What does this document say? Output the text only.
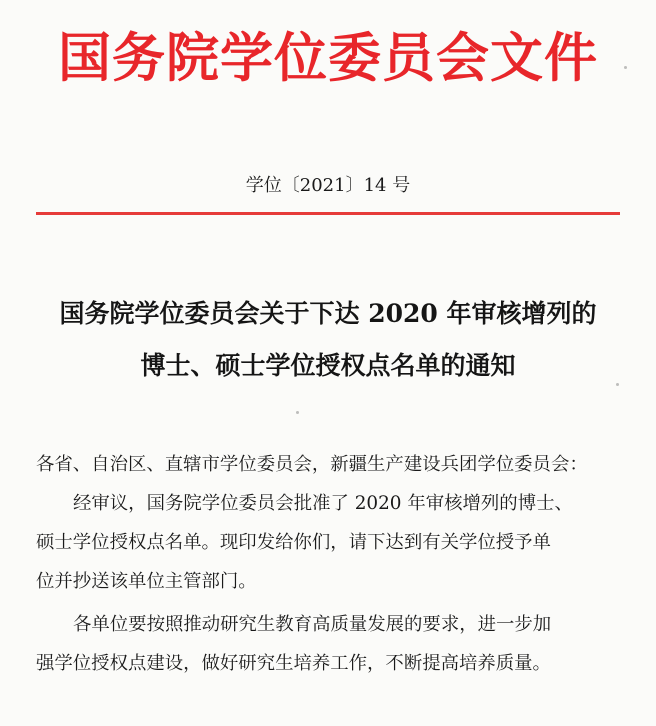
国务院学位委员会文件
学位〔2021〕14 号
国务院学位委员会关于下达 2020 年审核增列的
博士、硕士学位授权点名单的通知

各省、自治区、直辖市学位委员会，新疆生产建设兵团学位委员会：

经审议，国务院学位委员会批准了 2020 年审核增列的博士、

硕士学位授权点名单。现印发给你们，请下达到有关学位授予单

位并抄送该单位主管部门。

各单位要按照推动研究生教育高质量发展的要求，进一步加

强学位授权点建设，做好研究生培养工作，不断提高培养质量。
